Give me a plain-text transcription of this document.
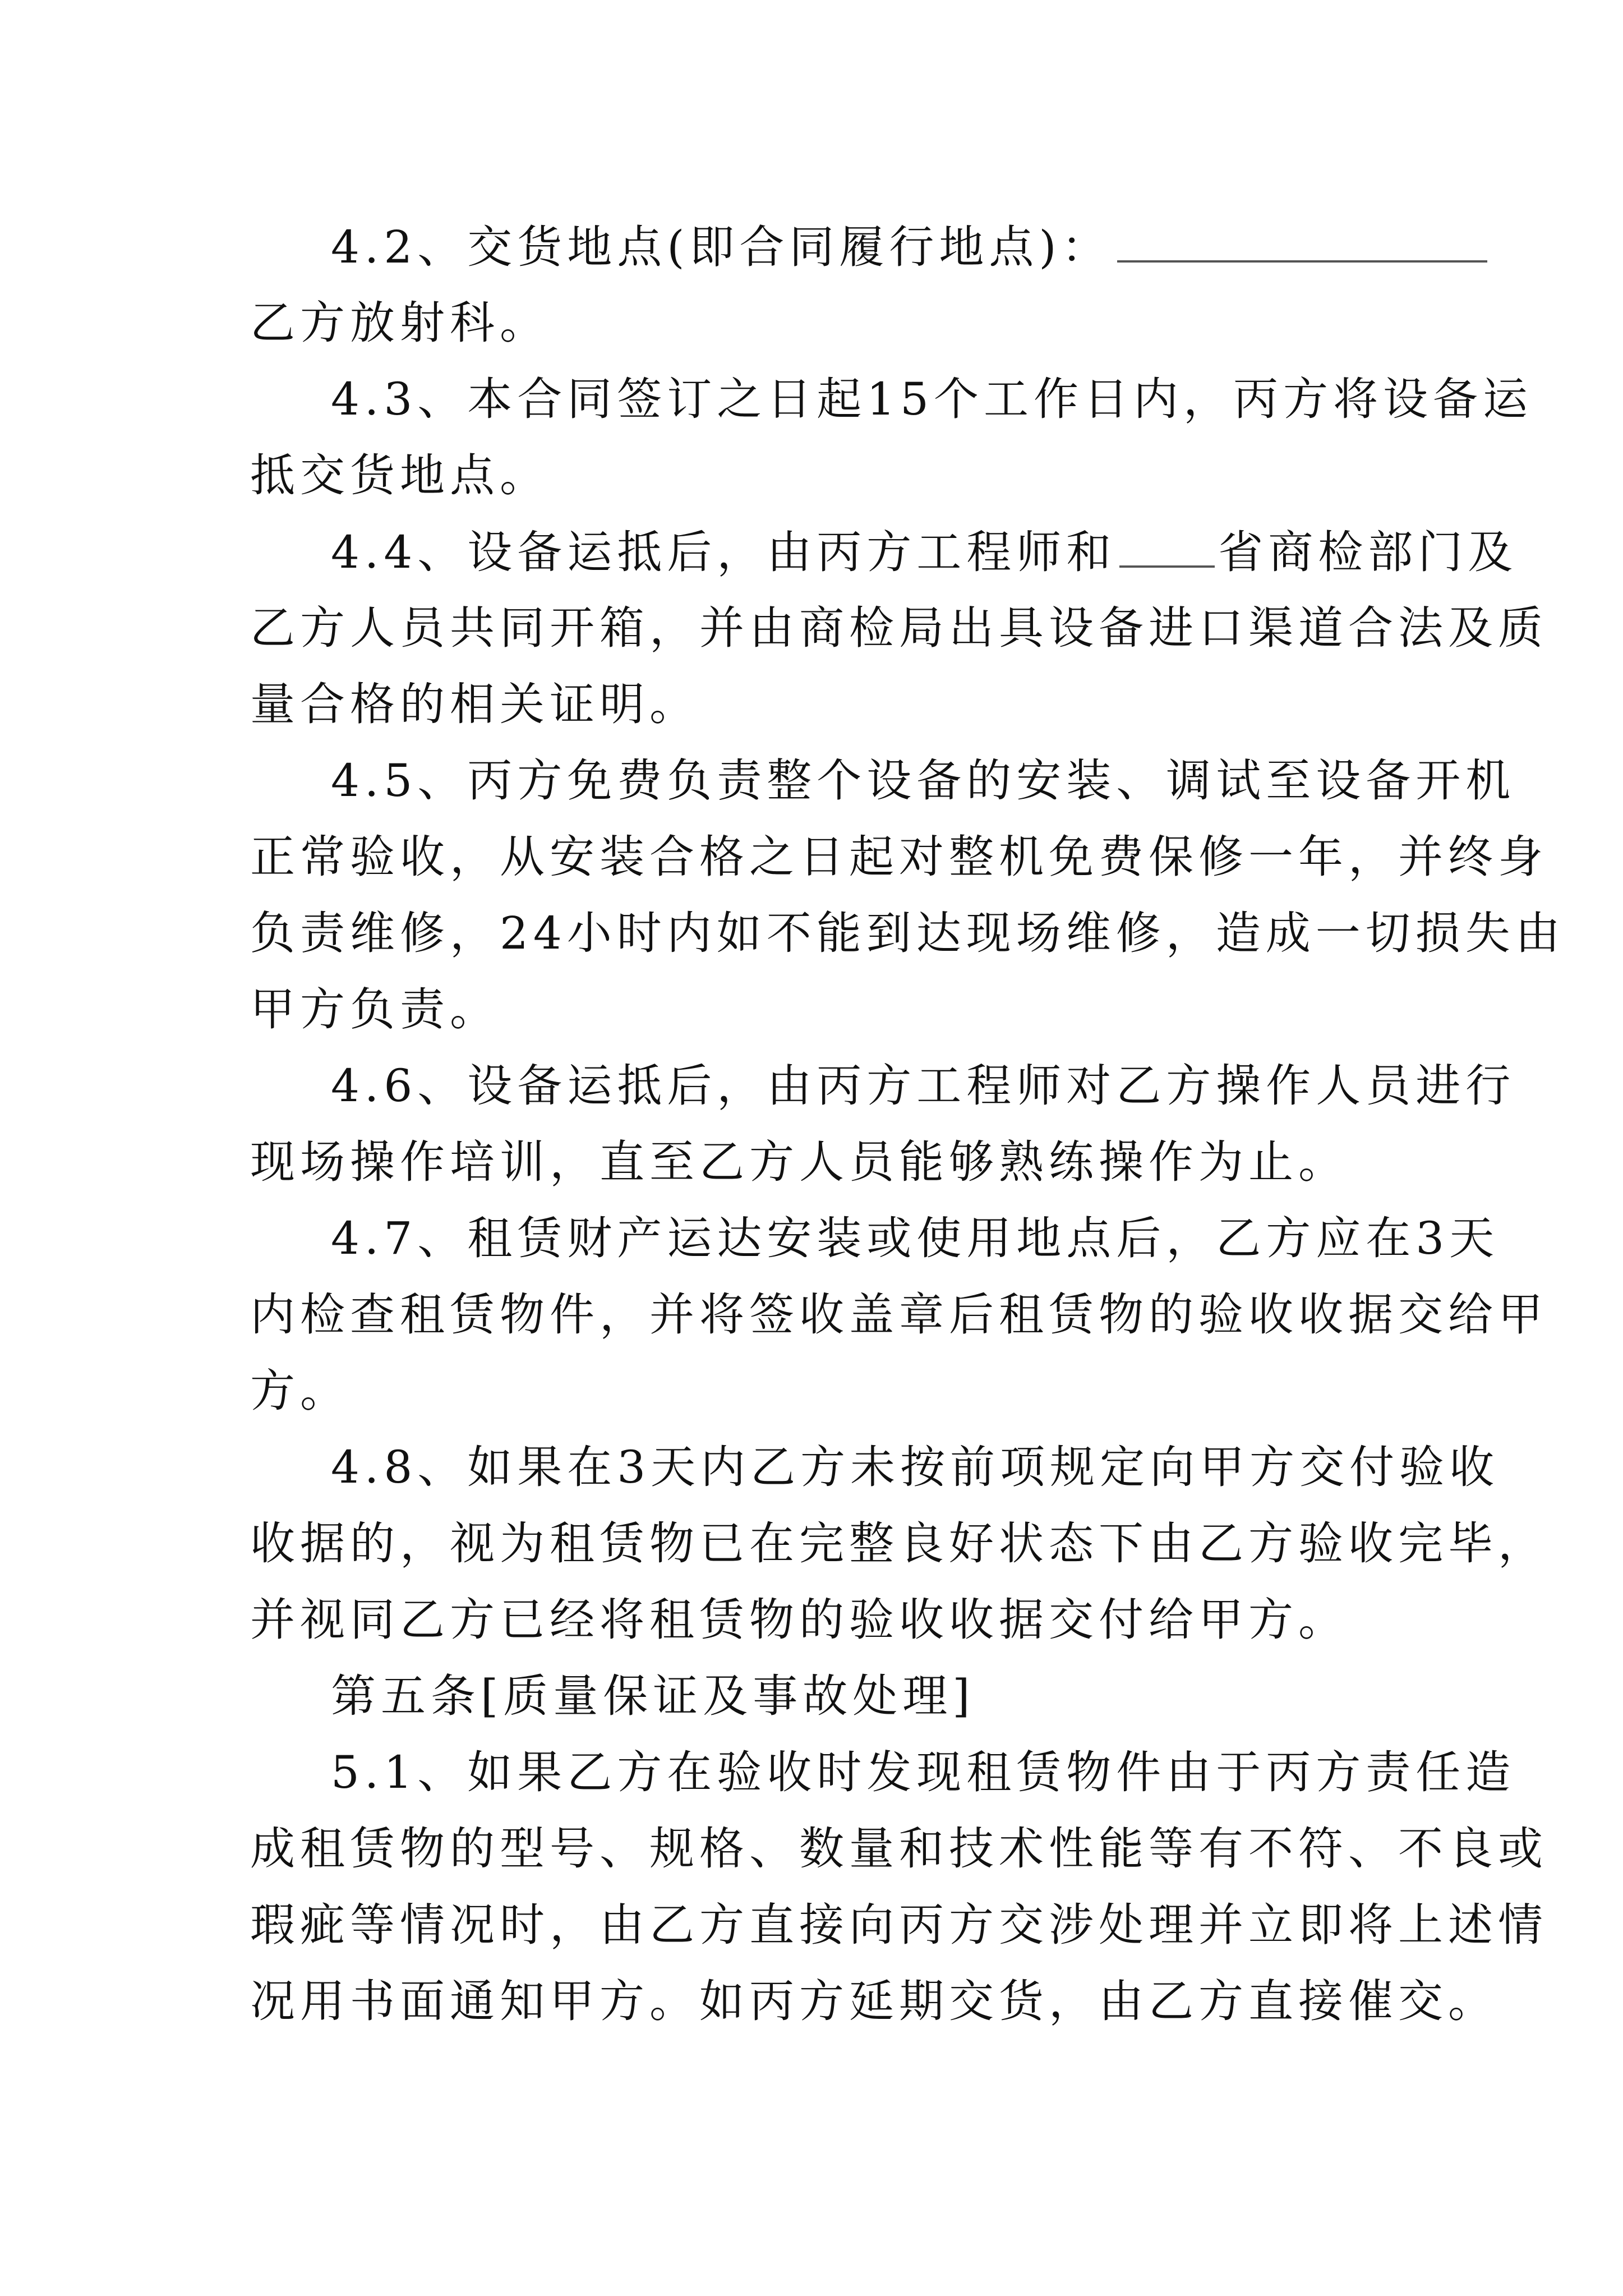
4.2、交货地点(即合同履行地点)：
乙方放射科。
4.3、本合同签订之日起15个工作日内，丙方将设备运
抵交货地点。
4.4、设备运抵后，由丙方工程师和 省商检部门及
乙方人员共同开箱，并由商检局出具设备进口渠道合法及质
量合格的相关证明。
4.5、丙方免费负责整个设备的安装、调试至设备开机
正常验收，从安装合格之日起对整机免费保修一年，并终身
负责维修，24小时内如不能到达现场维修，造成一切损失由
甲方负责。
4.6、设备运抵后，由丙方工程师对乙方操作人员进行
现场操作培训，直至乙方人员能够熟练操作为止。
4.7、租赁财产运达安装或使用地点后，乙方应在3天
内检查租赁物件，并将签收盖章后租赁物的验收收据交给甲
方。
4.8、如果在3天内乙方未按前项规定向甲方交付验收
收据的，视为租赁物已在完整良好状态下由乙方验收完毕，
并视同乙方已经将租赁物的验收收据交付给甲方。
第五条[质量保证及事故处理]
5.1、如果乙方在验收时发现租赁物件由于丙方责任造
成租赁物的型号、规格、数量和技术性能等有不符、不良或
瑕疵等情况时，由乙方直接向丙方交涉处理并立即将上述情
况用书面通知甲方。如丙方延期交货，由乙方直接催交。
